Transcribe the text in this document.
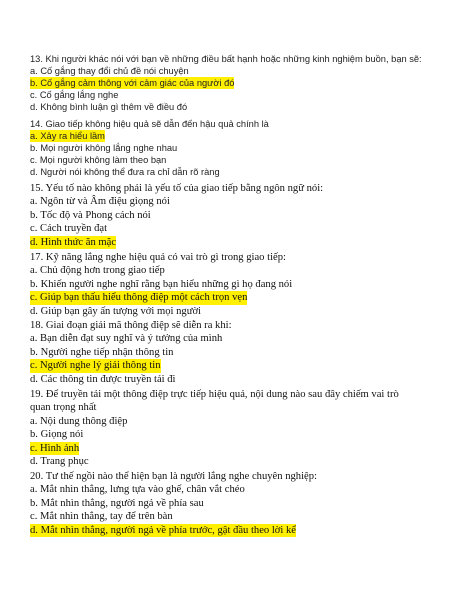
13. Khi người khác nói với bạn về những điều bất hạnh hoặc những kinh nghiệm buồn, bạn sẽ:
a. Cố gắng thay đổi chủ đề nói chuyện
b. Cố gắng cảm thông với cảm giác của người đó
c. Cố gắng lắng nghe
d. Không bình luận gì thêm về điều đó
14. Giao tiếp không hiệu quả sẽ dẫn đến hậu quả chính là
a. Xảy ra hiểu lầm
b. Mọi người không lắng nghe nhau
c. Mọi người không làm theo bạn
d. Người nói không thể đưa ra chỉ dẫn rõ ràng
15. Yếu tố nào không phải là yếu tố của giao tiếp bằng ngôn ngữ nói:
a. Ngôn từ và Âm điệu giọng nói
b. Tốc độ và Phong cách nói
c. Cách truyền đạt
d. Hình thức ăn mặc
17. Kỹ năng lắng nghe hiệu quả có vai trò gì trong giao tiếp:
a. Chủ động hơn trong giao tiếp
b. Khiến người nghe nghĩ rằng bạn hiểu những gì họ đang nói
c. Giúp bạn thấu hiểu thông điệp một cách trọn vẹn
d. Giúp bạn gây ấn tượng với mọi người
18. Giai đoạn giải mã thông điệp sẽ diễn ra khi:
a. Bạn diễn đạt suy nghĩ và ý tưởng của mình
b. Người nghe tiếp nhận thông tin
c. Người nghe lý giải thông tin
d. Các thông tin được truyền tải đi
19. Để truyền tải một thông điệp trực tiếp hiệu quả, nội dung nào sau đây chiếm vai trò
quan trọng nhất
a. Nội dung thông điệp
b. Giọng nói
c. Hình ảnh
d. Trang phục
20. Tư thế ngồi nào thể hiện bạn là người lắng nghe chuyên nghiệp:
a. Mắt nhìn thẳng, lưng tựa vào ghế, chân vắt chéo
b. Mắt nhìn thẳng, người ngả về phía sau
c. Mắt nhìn thẳng, tay để trên bàn
d. Mắt nhìn thẳng, người ngả về phía trước, gật đầu theo lời kể
